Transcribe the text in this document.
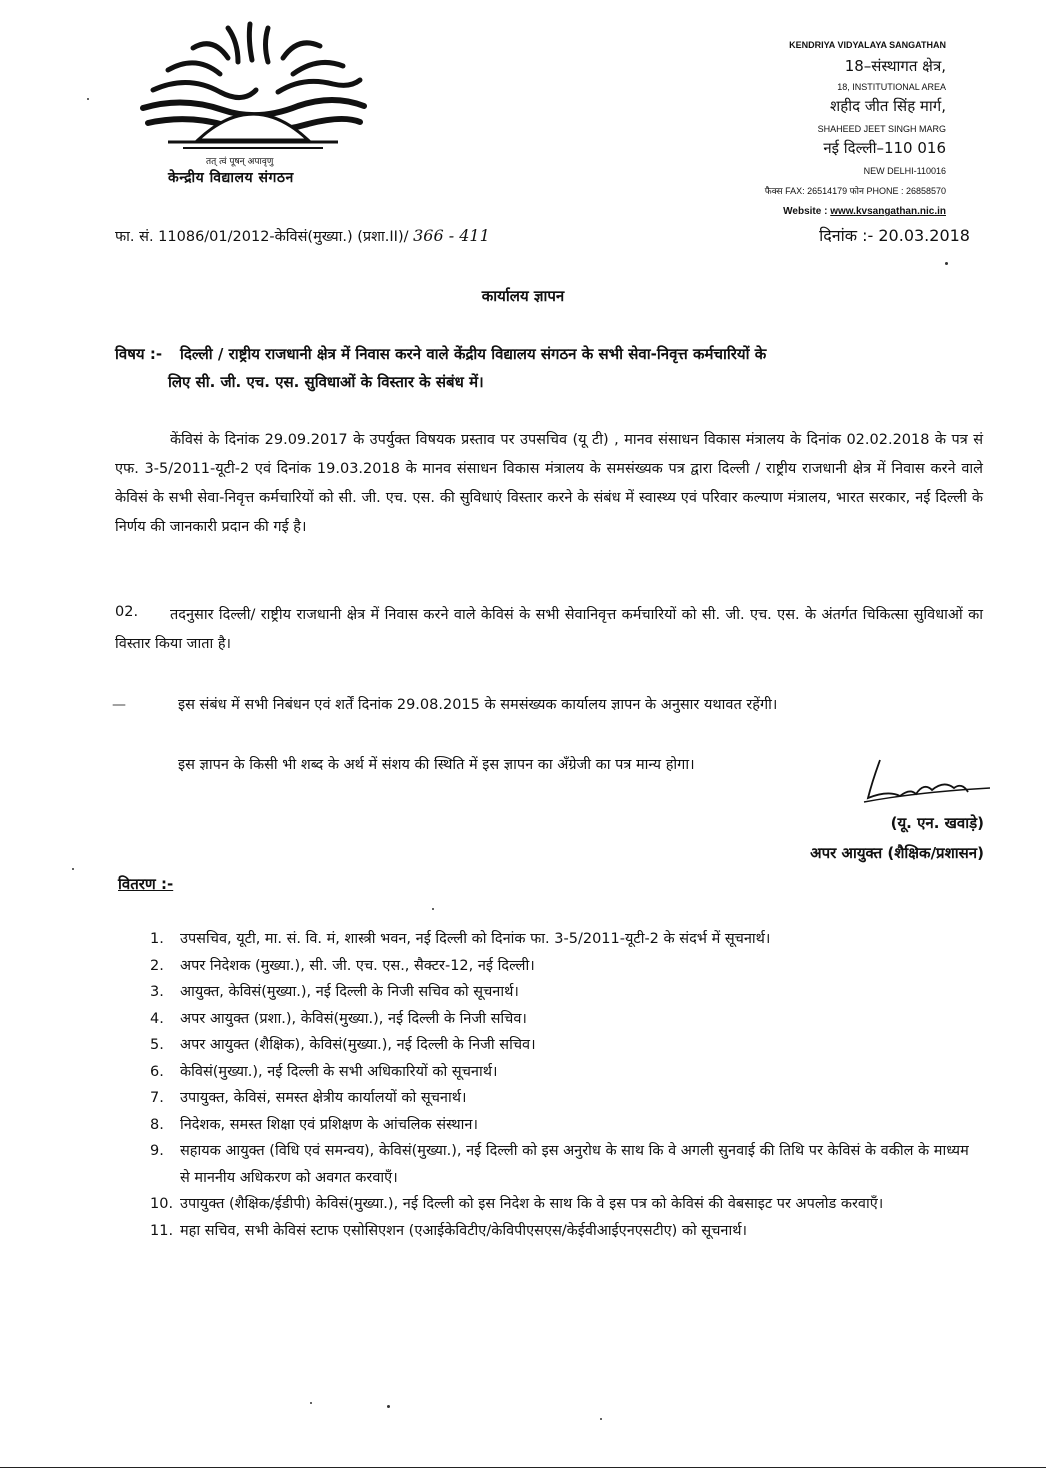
तत् त्वं पूषन् अपावृणु
केन्द्रीय विद्यालय संगठन
KENDRIYA VIDYALAYA SANGATHAN
18–संस्थागत क्षेत्र,
18, INSTITUTIONAL AREA
शहीद जीत सिंह मार्ग,
SHAHEED JEET SINGH MARG
नई दिल्ली–110 016
NEW DELHI-110016
फैक्स FAX: 26514179 फोन PHONE : 26858570
Website : www.kvsangathan.nic.in
फा. सं. 11086/01/2012-केविसं(मुख्या.) (प्रशा.II)/ 366 - 411	दिनांक :- 20.03.2018
कार्यालय ज्ञापन
विषय :- दिल्ली / राष्ट्रीय राजधानी क्षेत्र में निवास करने वाले केंद्रीय विद्यालय संगठन के सभी सेवा-निवृत्त कर्मचारियों के
लिए सी. जी. एच. एस. सुविधाओं के विस्तार के संबंध में।
केंविसं के दिनांक 29.09.2017 के उपर्युक्त विषयक प्रस्ताव पर उपसचिव (यू टी) , मानव संसाधन विकास मंत्रालय के दिनांक 02.02.2018 के पत्र सं एफ. 3-5/2011-यूटी-2 एवं दिनांक 19.03.2018 के मानव संसाधन विकास मंत्रालय के समसंख्यक पत्र द्वारा दिल्ली / राष्ट्रीय राजधानी क्षेत्र में निवास करने वाले केविसं के सभी सेवा-निवृत्त कर्मचारियों को सी. जी. एच. एस. की सुविधाएं विस्तार करने के संबंध में स्वास्थ्य एवं परिवार कल्याण मंत्रालय, भारत सरकार, नई दिल्ली के निर्णय की जानकारी प्रदान की गई है।
02.	तदनुसार दिल्ली/ राष्ट्रीय राजधानी क्षेत्र में निवास करने वाले केविसं के सभी सेवानिवृत्त कर्मचारियों को सी. जी. एच. एस. के अंतर्गत चिकित्सा सुविधाओं का विस्तार किया जाता है।
—	इस संबंध में सभी निबंधन एवं शर्तें दिनांक 29.08.2015 के समसंख्यक कार्यालय ज्ञापन के अनुसार यथावत रहेंगी।
इस ज्ञापन के किसी भी शब्द के अर्थ में संशय की स्थिति में इस ज्ञापन का अँग्रेजी का पत्र मान्य होगा।
(यू. एन. खवाड़े)
अपर आयुक्त (शैक्षिक/प्रशासन)
वितरण :-
1.	उपसचिव, यूटी, मा. सं. वि. मं, शास्त्री भवन, नई दिल्ली को दिनांक फा. 3-5/2011-यूटी-2 के संदर्भ में सूचनार्थ।
2.	अपर निदेशक (मुख्या.), सी. जी. एच. एस., सैक्टर-12, नई दिल्ली।
3.	आयुक्त, केविसं(मुख्या.), नई दिल्ली के निजी सचिव को सूचनार्थ।
4.	अपर आयुक्त (प्रशा.), केविसं(मुख्या.), नई दिल्ली के निजी सचिव।
5.	अपर आयुक्त (शैक्षिक), केविसं(मुख्या.), नई दिल्ली के निजी सचिव।
6.	केविसं(मुख्या.), नई दिल्ली के सभी अधिकारियों को सूचनार्थ।
7.	उपायुक्त, केविसं, समस्त क्षेत्रीय कार्यालयों को सूचनार्थ।
8.	निदेशक, समस्त शिक्षा एवं प्रशिक्षण के आंचलिक संस्थान।
9.	सहायक आयुक्त (विधि एवं समन्वय), केविसं(मुख्या.), नई दिल्ली को इस अनुरोध के साथ कि वे अगली सुनवाई की तिथि पर केविसं के वकील के माध्यम से माननीय अधिकरण को अवगत करवाएँ।
10. उपायुक्त (शैक्षिक/ईडीपी) केविसं(मुख्या.), नई दिल्ली को इस निदेश के साथ कि वे इस पत्र को केविसं की वेबसाइट पर अपलोड करवाएँ।
11. महा सचिव, सभी केविसं स्टाफ एसोसिएशन (एआईकेविटीए/केविपीएसएस/केईवीआईएनएसटीए) को सूचनार्थ।
